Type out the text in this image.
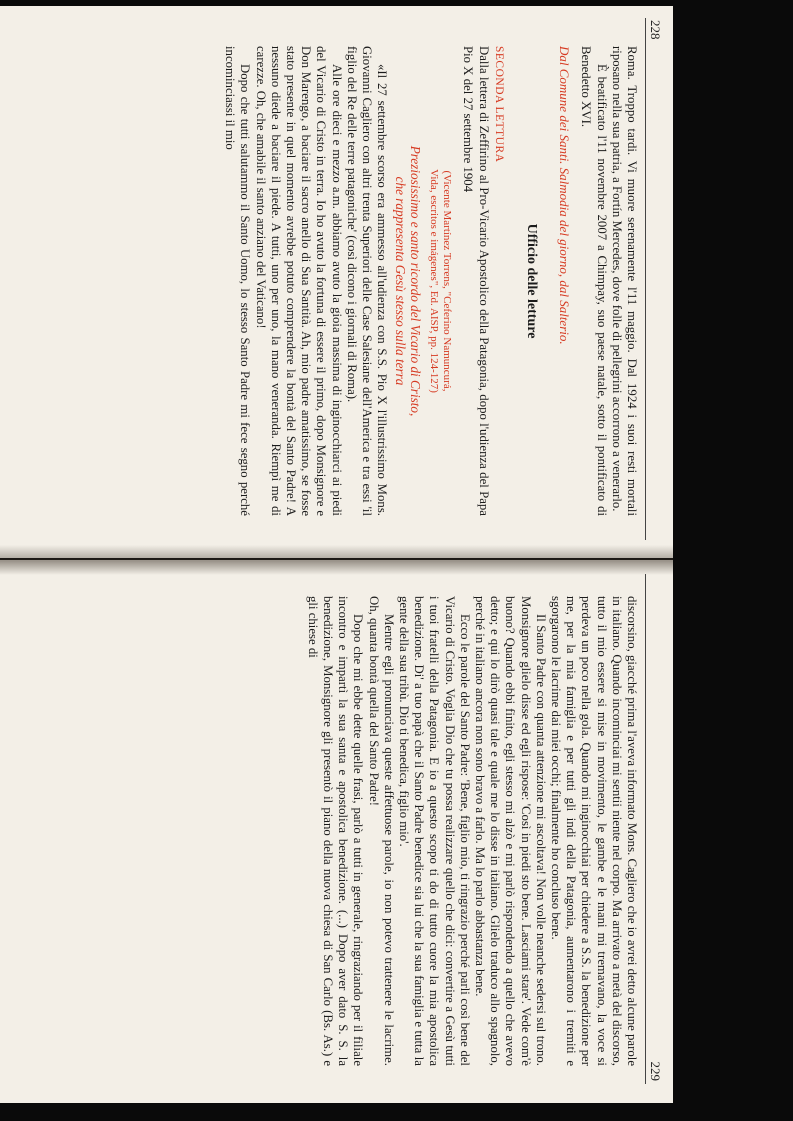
228

Roma. Troppo tardi. Vi muore serenamente l'11 maggio. Dal 1924 i suoi resti mortali riposano nella sua patria, a Fortín Mercedes, dove folle di pellegrini accorrono a venerarlo.

È beatificato l'11 novembre 2007 a Chimpay, suo paese natale, sotto il pontificato di Benedetto XVI.

Dal Comune dei Santi. Salmodia del giorno, dal Salterio.
Ufficio delle letture
SECONDA LETTURA

Dalla lettera di Zeffirino al Pro-Vicario Apostolico della Patagonia, dopo l'udienza del Papa Pio X del 27 settembre 1904

(Vicente Martínez Torrens, "Ceferino Namuncurá,
Vida, escritos e imágenes", Ed. AISP, pp. 124-127)
Preziosissimo e santo ricordo del Vicario di Cristo,
che rappresenta Gesù stesso sulla terra

«Il 27 settembre scorso era ammesso all'udienza con S.S. Pio X l'illustrissimo Mons. Giovanni Cagliero con altri trenta Superiori delle Case Salesiane dell'America e tra essi 'il figlio del Re delle terre patagoniche' (così dicono i giornali di Roma).

Alle ore dieci e mezzo a.m. abbiamo avuto la gioia massima di inginocchiarci ai piedi del Vicario di Cristo in terra. Io ho avuto la fortuna di essere il primo, dopo Monsignore e Don Marengo, a baciare il sacro anello di Sua Santità. Ah, mio padre amatissimo, se fosse stato presente in quel momento avrebbe potuto comprendere la bontà del Santo Padre! A nessuno diede a baciare il piede. A tutti, uno per uno, la mano veneranda. Riempì me di carezze. Oh, che amabile il santo anziano del Vaticano!

Dopo che tutti salutammo il Santo Uomo, lo stesso Santo Padre mi fece segno perché incominciassi il mio

229

discorsino, giacché prima l'aveva informato Mons. Cagliero che io avrei detto alcune parole in italiano. Quando incominciai mi sentii niente nel corpo. Ma arrivato a metà del discorso, tutto il mio essere si mise in movimento, le gambe e le mani mi tremavano, la voce si perdeva un poco nella gola. Quando mi inginocchiai per chiedere a S.S. la benedizione per me, per la mia famiglia e per tutti gli indi della Patagonia, aumentarono i tremiti e sgorgarono le lacrime dai miei occhi; finalmente ho concluso bene.

Il Santo Padre con quanta attenzione mi ascoltava! Non volle neanche sedersi sul trono. Monsignore glielo disse ed egli rispose: 'Così in piedi sto bene. Lasciami stare'. Vede com'è buono? Quando ebbi finito, egli stesso mi alzò e mi parlò rispondendo a quello che avevo detto; e qui lo dirò quasi tale e quale me lo disse in italiano. Glielo traduco allo spagnolo, perché in italiano ancora non sono bravo a farlo. Ma lo parlo abbastanza bene.

Ecco le parole del Santo Padre: 'Bene, figlio mio, ti ringrazio perché parli così bene del Vicario di Cristo. Voglia Dio che tu possa realizzare quello che dici: convertire a Gesù tutti i tuoi fratelli della Patagonia. E io a questo scopo ti do di tutto cuore la mia apostolica benedizione. Di' a tuo papà che il Santo Padre benedice sia lui che la sua famiglia e tutta la gente della sua tribù. Dio ti benedica, figlio mio'.

Mentre egli pronunciava queste affettuose parole, io non potevo trattenere le lacrime. Oh, quanta bontà quella del Santo Padre!

Dopo che mi ebbe dette quelle frasi, parlò a tutti in generale, ringraziando per il filiale incontro e impartì la sua santa e apostolica benedizione. (...) Dopo aver dato S. S. la benedizione, Monsignore gli presentò il piano della nuova chiesa di San Carlo (Bs. As.) e gli chiese di
